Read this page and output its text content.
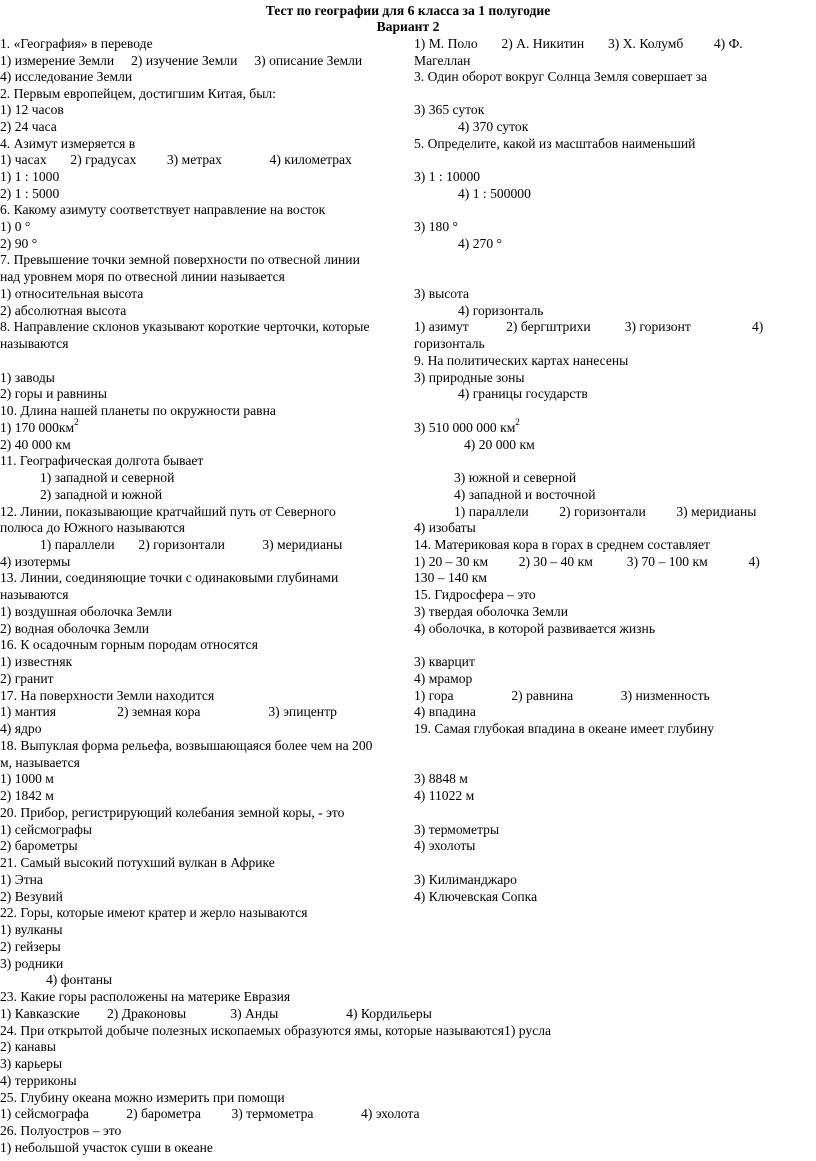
Тест по географии для 6 класса за 1 полугодие
Вариант 2
1. «География» в переводе	1) М. Поло       2) А. Никитин       3) Х. Колумб         4) Ф.
1) измерение Земли     2) изучение Земли     3) описание Земли	Магеллан
4) исследование Земли	3. Один оборот вокруг Солнца Земля совершает за
2. Первым европейцем, достигшим Китая, был:
1) 12 часов	3) 365 суток
2) 24 часа	4) 370 суток
4. Азимут измеряется в	5. Определите, какой из масштабов наименьший
1) часах       2) градусах         3) метрах              4) километрах
1) 1 : 1000	3) 1 : 10000
2) 1 : 5000	4) 1 : 500000
6. Какому азимуту соответствует направление на восток
1) 0 °	3) 180 °
2) 90 °	4) 270 °
7. Превышение точки земной поверхности по отвесной линии
над уровнем моря по отвесной линии называется
1) относительная высота	3) высота
2) абсолютная высота	4) горизонталь
8. Направление склонов указывают короткие черточки, которые	1) азимут           2) бергштрихи          3) горизонт                  4)
называются	горизонталь
9. На политических картах нанесены
1) заводы	3) природные зоны
2) горы и равнины	4) границы государств
10. Длина нашей планеты по окружности равна
1) 170 $000км^2$	3) 510 000 000 $км^2$
2) 40 000 км	4) 20 000 км
11. Географическая долгота бывает
1) западной и северной	3) южной и северной
2) западной и южной	4) западной и восточной
12. Линии, показывающие кратчайший путь от Северного	1) параллели         2) горизонтали         3) меридианы
полюса до Южного называются	4) изобаты
1) параллели       2) горизонтали           3) меридианы	14. Материковая кора в горах в среднем составляет
4) изотермы	1) 20 – 30 км         2) 30 – 40 км          3) 70 – 100 км            4)
13. Линии, соединяющие точки с одинаковыми глубинами	130 – 140 км
называются	15. Гидросфера – это
1) воздушная оболочка Земли	3) твердая оболочка Земли
2) водная оболочка Земли	4) оболочка, в которой развивается жизнь
16. К осадочным горным породам относятся
1) известняк	3) кварцит
2) гранит	4) мрамор
17. На поверхности Земли находится	1) гора                 2) равнина              3) низменность
1) мантия                  2) земная кора                    3) эпицентр	4) впадина
4) ядро	19. Самая глубокая впадина в океане имеет глубину
18. Выпуклая форма рельефа, возвышающаяся более чем на 200
м, называется
1) 1000 м	3) 8848 м
2) 1842 м	4) 11022 м
20. Прибор, регистрирующий колебания земной коры, - это
1) сейсмографы	3) термометры
2) барометры	4) эхолоты
21. Самый высокий потухший вулкан в Африке
1) Этна	3) Килиманджаро
2) Везувий	4) Ключевская Сопка
22. Горы, которые имеют кратер и жерло называются
1) вулканы
2) гейзеры
3) родники
4) фонтаны
23. Какие горы расположены на материке Евразия
1) Кавказские        2) Драконовы             3) Анды                    4) Кордильеры
24. При открытой добыче полезных ископаемых образуются ямы, которые называются1) русла
2) канавы
3) карьеры
4) терриконы
25. Глубину океана можно измерить при помощи
1) сейсмографа           2) барометра         3) термометра              4) эхолота
26. Полуостров – это
1) небольшой участок суши в океане
